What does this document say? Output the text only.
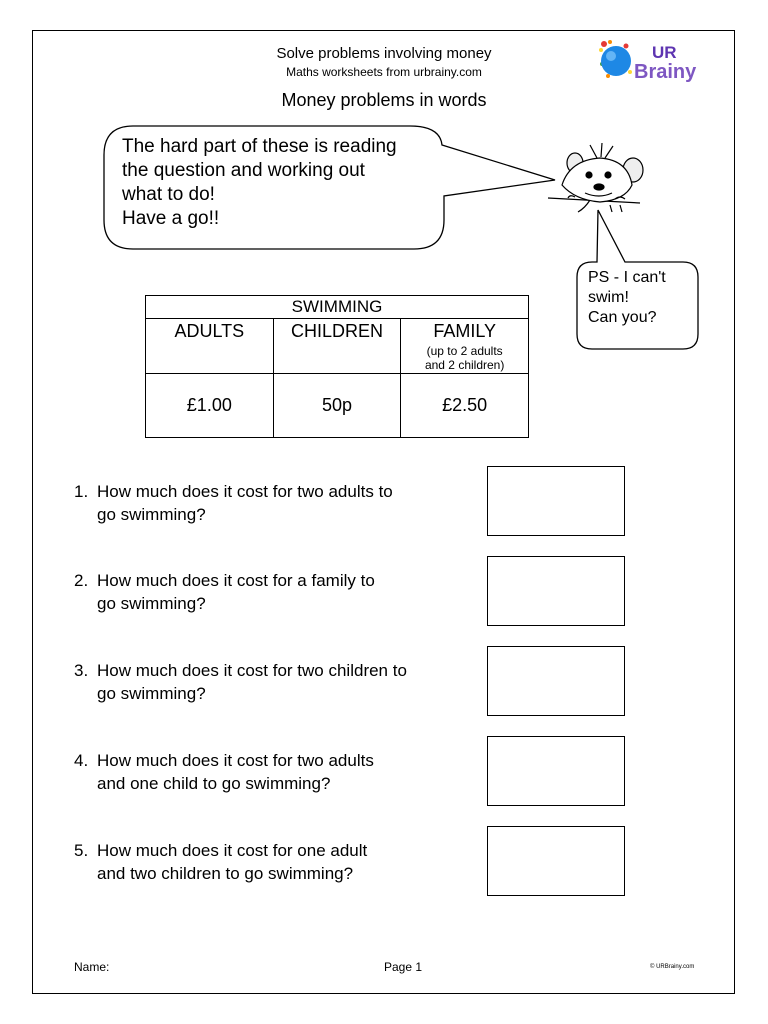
Solve problems involving money
Maths worksheets from urbrainy.com
Money problems in words
UR
Brainy
The hard part of these is reading
the question and working out
what to do!
Have a go!!
PS - I can't
swim!
Can you?
SWIMMING		
ADULTS	CHILDREN	FAMILY
(up to 2 adults
and 2 children)

£1.00	50p	£2.50
1. How much does it cost for two adults to
go swimming?
2. How much does it cost for a family to
go swimming?
3. How much does it cost for two children to
go swimming?
4. How much does it cost for two adults
and one child to go swimming?
5. How much does it cost for one adult
and two children to go swimming?
Name:	Page 1	© URBrainy.com
